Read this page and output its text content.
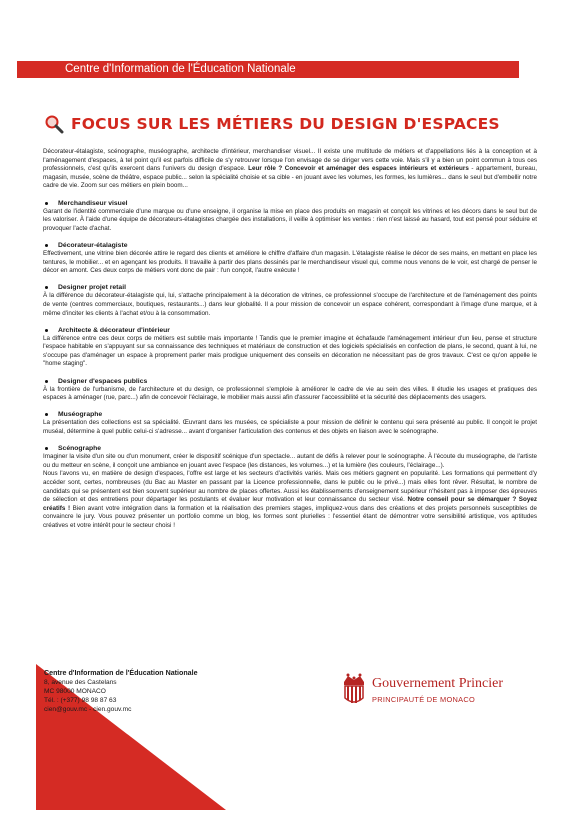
Centre d'Information de l'Éducation Nationale
FOCUS SUR LES MÉTIERS DU DESIGN D'ESPACES

Décorateur-étalagiste, scénographe, muséographe, architecte d'intérieur, merchandiser visuel... Il existe une multitude de métiers et d'appellations liés à la conception et à l'aménagement d'espaces, à tel point qu'il est parfois difficile de s'y retrouver lorsque l'on envisage de se diriger vers cette voie. Mais s'il y a bien un point commun à tous ces professionnels, c'est qu'ils exercent dans l'univers du design d'espace. Leur rôle ? Concevoir et aménager des espaces intérieurs et extérieurs - appartement, bureau, magasin, musée, scène de théâtre, espace public... selon la spécialité choisie et sa cible - en jouant avec les volumes, les formes, les lumières... dans le seul but d'embellir notre cadre de vie. Zoom sur ces métiers en plein boom...

Merchandiseur visuel

Garant de l'identité commerciale d'une marque ou d'une enseigne, il organise la mise en place des produits en magasin et conçoit les vitrines et les décors dans le seul but de les valoriser. À l'aide d'une équipe de décorateurs-étalagistes chargée des installations, il veille à optimiser les ventes : rien n'est laissé au hasard, tout est pensé pour séduire et provoquer l'acte d'achat.

Décorateur-étalagiste

Effectivement, une vitrine bien décorée attire le regard des clients et améliore le chiffre d'affaire d'un magasin. L'étalagiste réalise le décor de ses mains, en mettant en place les tentures, le mobilier... et en agençant les produits. Il travaille à partir des plans dessinés par le merchandiseur visuel qui, comme nous venons de le voir, est chargé de penser le décor en amont. Ces deux corps de métiers vont donc de pair : l'un conçoit, l'autre exécute !

Designer projet retail

À la différence du décorateur-étalagiste qui, lui, s'attache principalement à la décoration de vitrines, ce professionnel s'occupe de l'architecture et de l'aménagement des points de vente (centres commerciaux, boutiques, restaurants...) dans leur globalité. Il a pour mission de concevoir un espace cohérent, correspondant à l'image d'une marque, et à même d'inciter les clients à l'achat et/ou à la consommation.

Architecte & décorateur d'intérieur

La différence entre ces deux corps de métiers est subtile mais importante ! Tandis que le premier imagine et échafaude l'aménagement intérieur d'un lieu, pense et structure l'espace habitable en s'appuyant sur sa connaissance des techniques et matériaux de construction et des logiciels spécialisés en confection de plans, le second, quant à lui, ne s'occupe pas d'aménager un espace à proprement parler mais prodigue uniquement des conseils en décoration ne nécessitant pas de gros travaux. C'est ce qu'on appelle le "home staging".

Designer d'espaces publics

À la frontière de l'urbanisme, de l'architecture et du design, ce professionnel s'emploie à améliorer le cadre de vie au sein des villes. Il étudie les usages et pratiques des espaces à aménager (rue, parc...) afin de concevoir l'éclairage, le mobilier mais aussi afin d'assurer l'accessibilité et la sécurité des déplacements des usagers.

Muséographe

La présentation des collections est sa spécialité. Œuvrant dans les musées, ce spécialiste a pour mission de définir le contenu qui sera présenté au public. Il conçoit le projet muséal, détermine à quel public celui-ci s'adresse... avant d'organiser l'articulation des contenus et des objets en liaison avec le scénographe.

Scénographe

Imaginer la visite d'un site ou d'un monument, créer le dispositif scénique d'un spectacle... autant de défis à relever pour le scénographe. À l'écoute du muséographe, de l'artiste ou du metteur en scène, il conçoit une ambiance en jouant avec l'espace (les distances, les volumes...) et la lumière (les couleurs, l'éclairage...).

Nous l'avons vu, en matière de design d'espaces, l'offre est large et les secteurs d'activités variés. Mais ces métiers gagnent en popularité. Les formations qui permettent d'y accéder sont, certes, nombreuses (du Bac au Master en passant par la Licence professionnelle, dans le public ou le privé...) mais elles font rêver. Résultat, le nombre de candidats qui se présentent est bien souvent supérieur au nombre de places offertes. Aussi les établissements d'enseignement supérieur n'hésitent pas à imposer des épreuves de sélection et des entretiens pour départager les postulants et évaluer leur motivation et leur connaissance du secteur visé. Notre conseil pour se démarquer ? Soyez créatifs ! Bien avant votre intégration dans la formation et la réalisation des premiers stages, impliquez-vous dans des créations et des projets personnels susceptibles de convaincre le jury. Vous pouvez présenter un portfolio comme un blog, les formes sont plurielles : l'essentiel étant de démontrer votre sensibilité artistique, vos aptitudes créatives et votre intérêt pour le secteur choisi !

Centre d'Information de l'Éducation Nationale
8, avenue des Castelans
MC 98000 MONACO
Tél. : (+377) 98 98 87 63
cien@gouv.mc - cien.gouv.mc
Gouvernement Princier
PRINCIPAUTÉ DE MONACO
